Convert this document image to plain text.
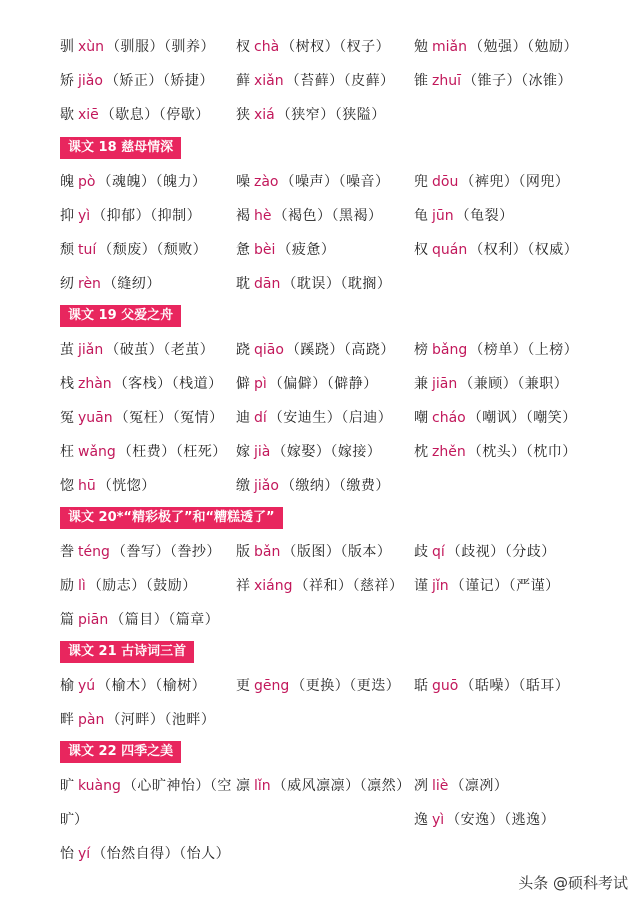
驯 xùn （驯服）（驯养） 杈 chà （树杈）（杈子） 勉 miǎn （勉强）（勉励）
矫 jiǎo （矫正）（矫捷） 藓 xiǎn （苔藓）（皮藓） 锥 zhuī （锥子）（冰锥）
歇 xiē （歇息）（停歇） 狭 xiá （狭窄）（狭隘）
课文 18 慈母情深
魄 pò （魂魄）（魄力） 噪 zào （噪声）（噪音） 兜 dōu （裤兜）（网兜）
抑 yì （抑郁）（抑制） 褐 hè （褐色）（黑褐） 龟 jūn （龟裂）
颓 tuí （颓废）（颓败） 惫 bèi （疲惫）	权 quán （权利）（权威）
纫 rèn （缝纫）	耽 dān （耽误）（耽搁）
课文 19 父爱之舟
茧 jiǎn （破茧）（老茧） 跷 qiāo （蹊跷）（高跷） 榜 bǎng （榜单）（上榜）
栈 zhàn （客栈）（栈道） 僻 pì （偏僻）（僻静）	兼 jiān （兼顾）（兼职）
冤 yuān （冤枉）（冤情） 迪 dí （安迪生）（启迪） 嘲 cháo （嘲讽）（嘲笑）
枉 wǎng （枉费）（枉死） 嫁 jià （嫁娶）（嫁接） 枕 zhěn （枕头）（枕巾）
惚 hū （恍惚）	缴 jiǎo （缴纳）（缴费）
课文 20*“精彩极了”和“糟糕透了”
誊 téng （誊写）（誊抄） 版 bǎn （版图）（版本） 歧 qí （歧视）（分歧）
励 lì （励志）（鼓励）	祥 xiáng （祥和）（慈祥） 谨 jǐn （谨记）（严谨）
篇 piān （篇目）（篇章）
课文 21 古诗词三首
榆 yú （榆木）（榆树） 更 gēng （更换）（更迭） 聒 guō （聒噪）（聒耳）
畔 pàn （河畔）（池畔）
课文 22 四季之美
旷 kuàng （心旷神怡）（空 凛 lǐn （威风凛凛）（凛然） 冽 liè （凛冽）
旷）	逸 yì （安逸）（逃逸）
怡 yí （怡然自得）（怡人）
头条 @硕科考试
